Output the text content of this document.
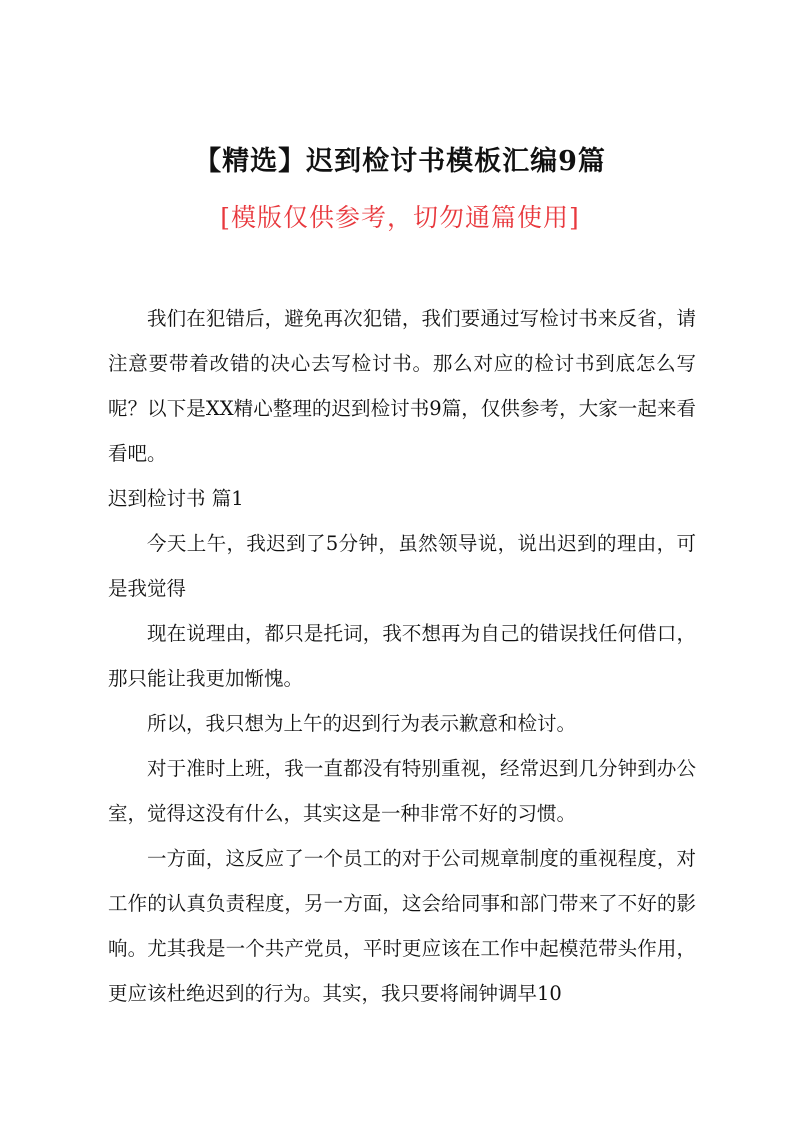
【精选】迟到检讨书模板汇编9篇
[模版仅供参考，切勿通篇使用]

我们在犯错后，避免再次犯错，我们要通过写检讨书来反省，请注意要带着改错的决心去写检讨书。那么对应的检讨书到底怎么写呢？以下是XX精心整理的迟到检讨书9篇，仅供参考，大家一起来看看吧。

迟到检讨书 篇1

今天上午，我迟到了5分钟，虽然领导说，说出迟到的理由，可是我觉得

现在说理由，都只是托词，我不想再为自己的错误找任何借口，那只能让我更加惭愧。

所以，我只想为上午的迟到行为表示歉意和检讨。

对于准时上班，我一直都没有特别重视，经常迟到几分钟到办公室，觉得这没有什么，其实这是一种非常不好的习惯。

一方面，这反应了一个员工的对于公司规章制度的重视程度，对工作的认真负责程度，另一方面，这会给同事和部门带来了不好的影响。尤其我是一个共产党员，平时更应该在工作中起模范带头作用，更应该杜绝迟到的行为。其实，我只要将闹钟调早10
